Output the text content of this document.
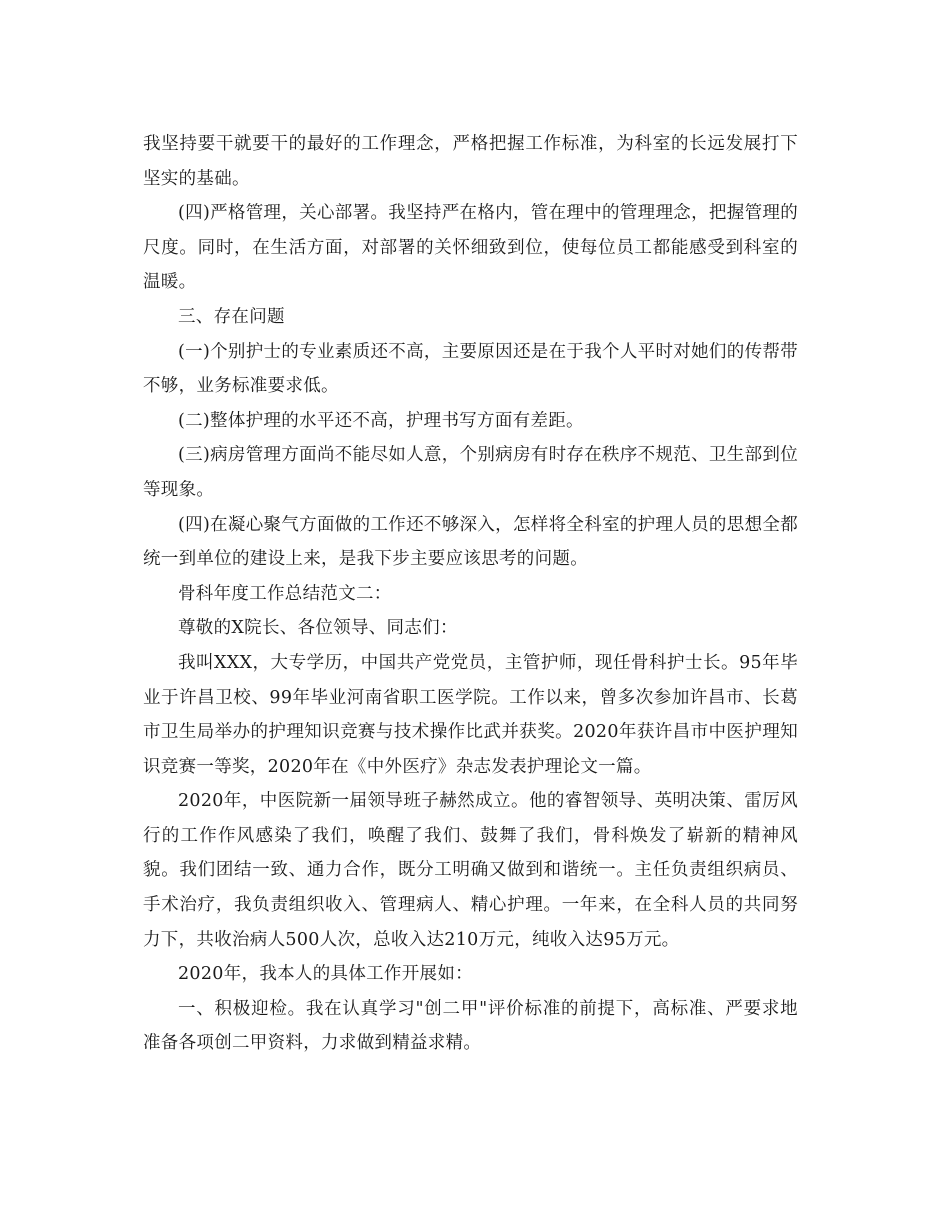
我坚持要干就要干的最好的工作理念，严格把握工作标准，为科室的长远发展打下坚实的基础。

(四)严格管理，关心部署。我坚持严在格内，管在理中的管理理念，把握管理的尺度。同时，在生活方面，对部署的关怀细致到位，使每位员工都能感受到科室的温暖。

三、存在问题

(一)个别护士的专业素质还不高，主要原因还是在于我个人平时对她们的传帮带不够，业务标准要求低。

(二)整体护理的水平还不高，护理书写方面有差距。

(三)病房管理方面尚不能尽如人意，个别病房有时存在秩序不规范、卫生部到位等现象。

(四)在凝心聚气方面做的工作还不够深入，怎样将全科室的护理人员的思想全都统一到单位的建设上来，是我下步主要应该思考的问题。

骨科年度工作总结范文二：

尊敬的X院长、各位领导、同志们：

我叫XXX，大专学历，中国共产党党员，主管护师，现任骨科护士长。95年毕业于许昌卫校、99年毕业河南省职工医学院。工作以来，曾多次参加许昌市、长葛市卫生局举办的护理知识竞赛与技术操作比武并获奖。2020年获许昌市中医护理知识竞赛一等奖，2020年在《中外医疗》杂志发表护理论文一篇。

2020年，中医院新一届领导班子赫然成立。他的睿智领导、英明决策、雷厉风行的工作作风感染了我们，唤醒了我们、鼓舞了我们，骨科焕发了崭新的精神风貌。我们团结一致、通力合作，既分工明确又做到和谐统一。主任负责组织病员、手术治疗，我负责组织收入、管理病人、精心护理。一年来，在全科人员的共同努力下，共收治病人500人次，总收入达210万元，纯收入达95万元。

2020年，我本人的具体工作开展如：

一、积极迎检。我在认真学习"创二甲"评价标准的前提下，高标准、严要求地准备各项创二甲资料，力求做到精益求精。
